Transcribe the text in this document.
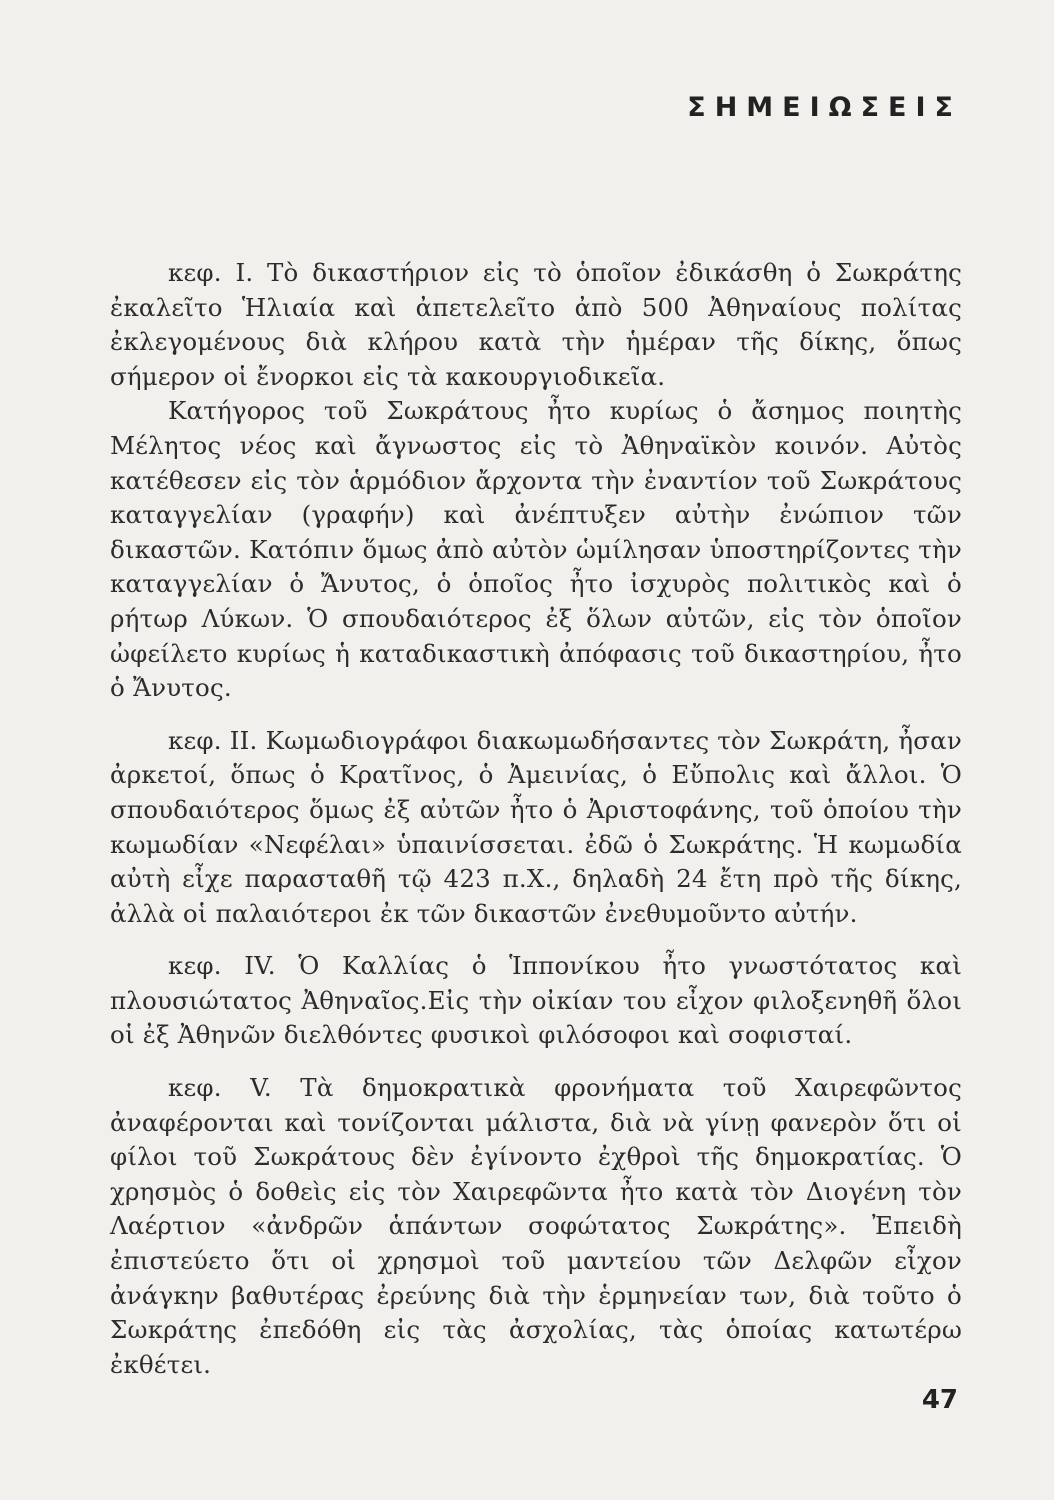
ΣΗΜΕΙΩΣΕΙΣ

κεφ. I. Τὸ δικαστήριον εἰς τὸ ὁποῖον ἐδικάσθη ὁ Σωκράτης ἐκαλεῖτο Ἡλιαία καὶ ἀπετελεῖτο ἀπὸ 500 Ἀθηναίους πολίτας ἐκλεγομένους διὰ κλήρου κατὰ τὴν ἡμέραν τῆς δίκης, ὅπως σήμερον οἱ ἔνορκοι εἰς τὰ κακουργιοδικεῖα.

Κατήγορος τοῦ Σωκράτους ἦτο κυρίως ὁ ἄσημος ποιητὴς Μέλητος νέος καὶ ἄγνωστος εἰς τὸ Ἀθηναϊκὸν κοινόν. Αὐτὸς κατέθεσεν εἰς τὸν ἁρμόδιον ἄρχοντα τὴν ἐναντίον τοῦ Σωκράτους καταγγελίαν (γραφήν) καὶ ἀνέπτυξεν αὐτὴν ἐνώπιον τῶν δικαστῶν. Κατόπιν ὅμως ἀπὸ αὐτὸν ὡμίλησαν ὑποστηρίζοντες τὴν καταγγελίαν ὁ Ἄνυτος, ὁ ὁποῖος ἦτο ἰσχυρὸς πολιτικὸς καὶ ὁ ρήτωρ Λύκων. Ὁ σπουδαιότερος ἐξ ὅλων αὐτῶν, εἰς τὸν ὁποῖον ὠφείλετο κυρίως ἡ καταδικαστικὴ ἀπόφασις τοῦ δικαστηρίου, ἦτο ὁ Ἄνυτος.

κεφ. II. Κωμωδιογράφοι διακωμωδήσαντες τὸν Σωκράτη, ἦσαν ἀρκετοί, ὅπως ὁ Κρατῖνος, ὁ Ἀμεινίας, ὁ Εὔπολις καὶ ἄλλοι. Ὁ σπουδαιότερος ὅμως ἐξ αὐτῶν ἦτο ὁ Ἀριστοφάνης, τοῦ ὁποίου τὴν κωμωδίαν «Νεφέλαι» ὑπαινίσσεται. ἐδῶ ὁ Σωκράτης. Ἡ κωμωδία αὐτὴ εἶχε παρασταθῆ τῷ 423 π.Χ., δηλαδὴ 24 ἔτη πρὸ τῆς δίκης, ἀλλὰ οἱ παλαιότεροι ἐκ τῶν δικαστῶν ἐνεθυμοῦντο αὐτήν.

κεφ. IV. Ὁ Καλλίας ὁ Ἱππονίκου ἦτο γνωστότατος καὶ πλουσιώτατος Ἀθηναῖος.Εἰς τὴν οἰκίαν του εἶχον φιλοξενηθῆ ὅλοι οἱ ἐξ Ἀθηνῶν διελθόντες φυσικοὶ φιλόσοφοι καὶ σοφισταί.

κεφ. V. Τὰ δημοκρατικὰ φρονήματα τοῦ Χαιρεφῶντος ἀναφέρονται καὶ τονίζονται μάλιστα, διὰ νὰ γίνῃ φανερὸν ὅτι οἱ φίλοι τοῦ Σωκράτους δὲν ἐγίνοντο ἐχθροὶ τῆς δημοκρατίας. Ὁ χρησμὸς ὁ δοθεὶς εἰς τὸν Χαιρεφῶντα ἦτο κατὰ τὸν Διογένη τὸν Λαέρτιον «ἀνδρῶν ἁπάντων σοφώτατος Σωκράτης». Ἐπειδὴ ἐπιστεύετο ὅτι οἱ χρησμοὶ τοῦ μαντείου τῶν Δελφῶν εἶχον ἀνάγκην βαθυτέρας ἐρεύνης διὰ τὴν ἑρμηνείαν των, διὰ τοῦτο ὁ Σωκράτης ἐπεδόθη εἰς τὰς ἀσχολίας, τὰς ὁποίας κατωτέρω ἐκθέτει.

47
